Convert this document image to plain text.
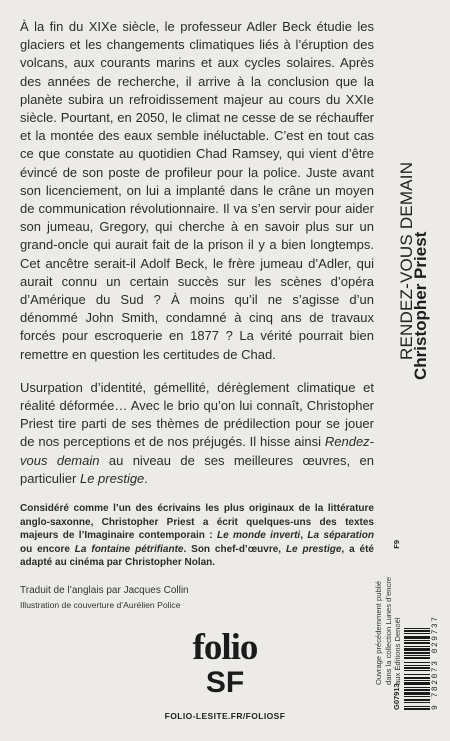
À la fin du XIXe siècle, le professeur Adler Beck étudie les glaciers et les changements climatiques liés à l’éruption des volcans, aux courants marins et aux cycles solaires. Après des années de recherche, il arrive à la conclusion que la planète subira un refroidissement majeur au cours du XXIe siècle. Pourtant, en 2050, le climat ne cesse de se réchauffer et la montée des eaux semble inéluctable. C’est en tout cas ce que constate au quotidien Chad Ramsey, qui vient d’être évincé de son poste de profileur pour la police. Juste avant son licenciement, on lui a implanté dans le crâne un moyen de communication révolutionnaire. Il va s’en servir pour aider son jumeau, Gregory, qui cherche à en savoir plus sur un grand-oncle qui aurait fait de la prison il y a bien longtemps. Cet ancêtre serait-il Adolf Beck, le frère jumeau d’Adler, qui aurait connu un certain succès sur les scènes d’opéra d’Amérique du Sud ? À moins qu’il ne s’agisse d’un dénommé John Smith, condamné à cinq ans de travaux forcés pour escroquerie en 1877 ? La vérité pourrait bien remettre en question les certitudes de Chad.

Usurpation d’identité, gémellité, dérèglement climatique et réalité déformée… Avec le brio qu’on lui connaît, Christopher Priest tire parti de ses thèmes de prédilection pour se jouer de nos perceptions et de nos préjugés. Il hisse ainsi Rendez-vous demain au niveau de ses meilleures œuvres, en particulier Le prestige.

Considéré comme l’un des écrivains les plus originaux de la littérature anglo-saxonne, Christopher Priest a écrit quelques-uns des textes majeurs de l’Imaginaire contemporain : Le monde inverti, La séparation ou encore La fontaine pétrifiante. Son chef-d’œuvre, Le prestige, a été adapté au cinéma par Christopher Nolan.

Traduit de l’anglais par Jacques Collin
Illustration de couverture d’Aurélien Police
folio
SF
FOLIO-LESITE.FR/FOLIOSF
RENDEZ-VOUS DEMAIN
Christopher Priest
G07913
F9
9 782073 029737
Ouvrage précédemment publié dans la collection Lunes d’encre aux Éditions Denoël
